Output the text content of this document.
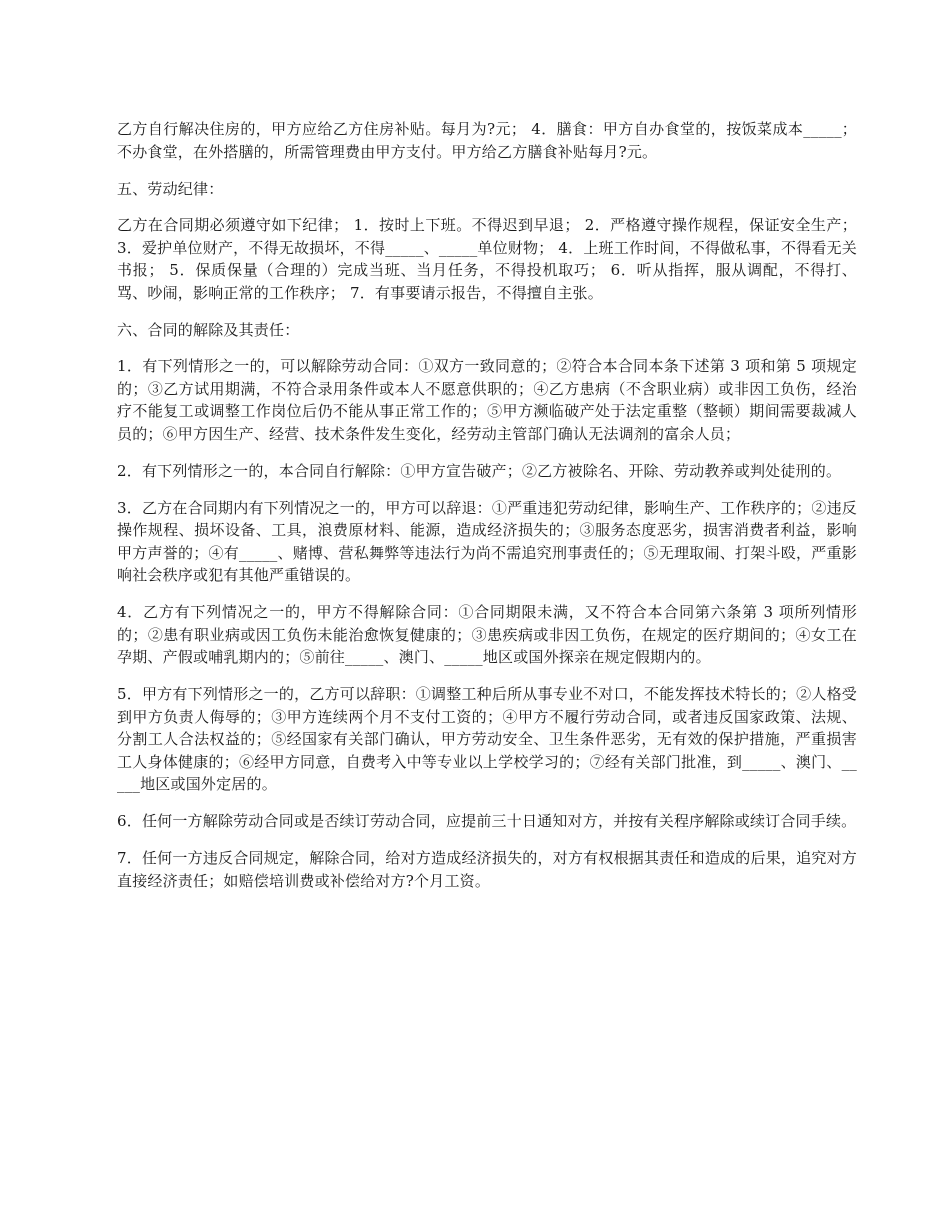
乙方自行解决住房的，甲方应给乙方住房补贴。每月为?元； 4．膳食：甲方自办食堂的，按饭菜成本_____；不办食堂，在外搭膳的，所需管理费由甲方支付。甲方给乙方膳食补贴每月?元。

五、劳动纪律：

乙方在合同期必须遵守如下纪律； 1．按时上下班。不得迟到早退； 2．严格遵守操作规程，保证安全生产； 3．爱护单位财产，不得无故损坏，不得_____、_____单位财物； 4．上班工作时间，不得做私事，不得看无关书报； 5．保质保量（合理的）完成当班、当月任务，不得投机取巧； 6．听从指挥，服从调配，不得打、骂、吵闹，影响正常的工作秩序； 7．有事要请示报告，不得擅自主张。

六、合同的解除及其责任：

1．有下列情形之一的，可以解除劳动合同：①双方一致同意的；②符合本合同本条下述第 3 项和第 5 项规定的；③乙方试用期满，不符合录用条件或本人不愿意供职的；④乙方患病（不含职业病）或非因工负伤，经治疗不能复工或调整工作岗位后仍不能从事正常工作的；⑤甲方濒临破产处于法定重整（整顿）期间需要裁减人员的；⑥甲方因生产、经营、技术条件发生变化，经劳动主管部门确认无法调剂的富余人员；

2．有下列情形之一的，本合同自行解除：①甲方宣告破产；②乙方被除名、开除、劳动教养或判处徒刑的。

3．乙方在合同期内有下列情况之一的，甲方可以辞退：①严重违犯劳动纪律，影响生产、工作秩序的；②违反操作规程、损坏设备、工具，浪费原材料、能源，造成经济损失的；③服务态度恶劣，损害消费者利益，影响甲方声誉的；④有_____、赌博、营私舞弊等违法行为尚不需追究刑事责任的；⑤无理取闹、打架斗殴，严重影响社会秩序或犯有其他严重错误的。

4．乙方有下列情况之一的，甲方不得解除合同：①合同期限未满，又不符合本合同第六条第 3 项所列情形的；②患有职业病或因工负伤未能治愈恢复健康的；③患疾病或非因工负伤，在规定的医疗期间的；④女工在孕期、产假或哺乳期内的；⑤前往_____、澳门、_____地区或国外探亲在规定假期内的。

5．甲方有下列情形之一的，乙方可以辞职：①调整工种后所从事专业不对口，不能发挥技术特长的；②人格受到甲方负责人侮辱的；③甲方连续两个月不支付工资的；④甲方不履行劳动合同，或者违反国家政策、法规、分割工人合法权益的；⑤经国家有关部门确认，甲方劳动安全、卫生条件恶劣，无有效的保护措施，严重损害工人身体健康的；⑥经甲方同意，自费考入中等专业以上学校学习的；⑦经有关部门批准，到_____、澳门、_____地区或国外定居的。

6．任何一方解除劳动合同或是否续订劳动合同，应提前三十日通知对方，并按有关程序解除或续订合同手续。

7．任何一方违反合同规定，解除合同，给对方造成经济损失的，对方有权根据其责任和造成的后果，追究对方直接经济责任；如赔偿培训费或补偿给对方?个月工资。
